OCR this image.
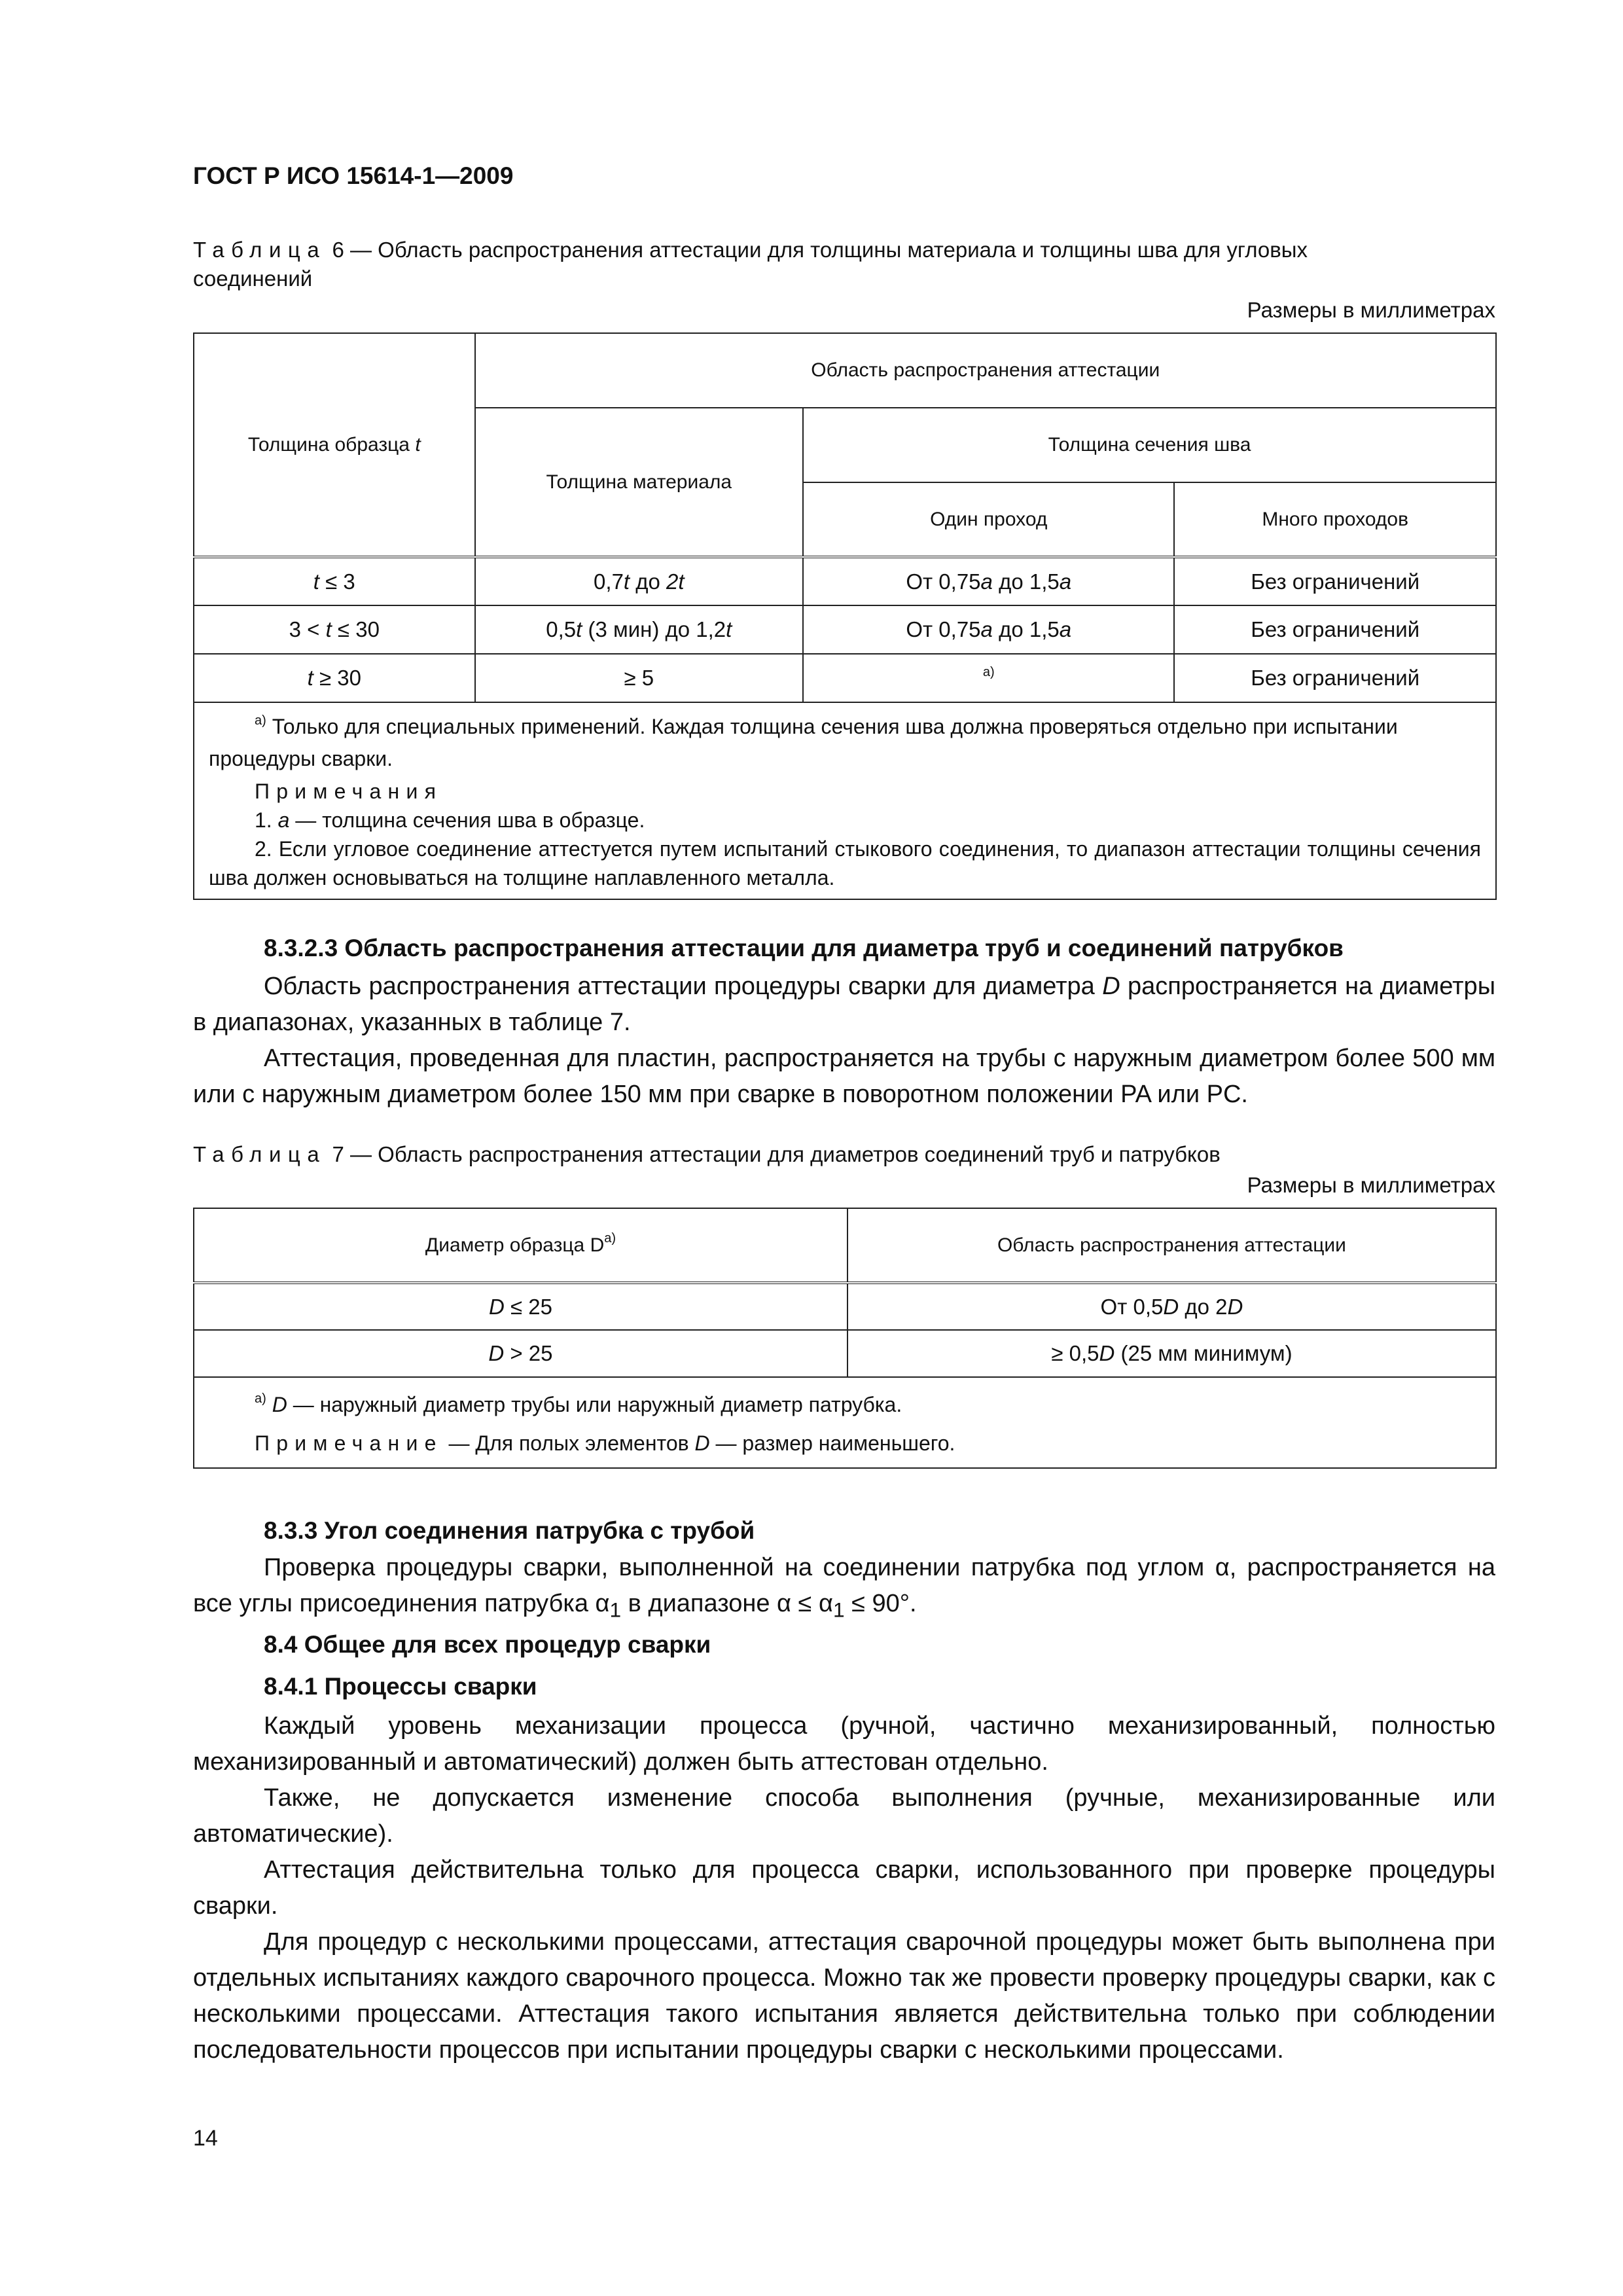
ГОСТ Р ИСО 15614-1—2009
Таблица 6 — Область распространения аттестации для толщины материала и толщины шва для угловых
соединений
Размеры в миллиметрах
Толщина образца t	Область распространения аттестации		
	Толщина материала	Толщина сечения шва	
		Один проход	Много проходов
t ≤ 3	0,7t до 2t	От 0,75a до 1,5a	Без ограничений
3 < t ≤ 30	0,5t (3 мин) до 1,2t	От 0,75a до 1,5a	Без ограничений
t ≥ 30	≥ 5	$^{a)}$	Без ограничений

$^{a)}$ Только для специальных применений. Каждая толщина сечения шва должна проверяться отдельно при испытании процедуры сварки.
Примечания
1. a — толщина сечения шва в образце.
2. Если угловое соединение аттестуется путем испытаний стыкового соединения, то диапазон аттестации толщины сечения шва должен основываться на толщине наплавленного металла.			
8.3.2.3 Область распространения аттестации для диаметра труб и соединений патрубков

Область распространения аттестации процедуры сварки для диаметра D распространяется на диаметры в диапазонах, указанных в таблице 7.

Аттестация, проведенная для пластин, распространяется на трубы с наружным диаметром более 500 мм или с наружным диаметром более 150 мм при сварке в поворотном положении PA или PC.

Таблица 7 — Область распространения аттестации для диаметров соединений труб и патрубков
Размеры в миллиметрах
Диаметр образца $D^{a)}$	Область распространения аттестации
D ≤ 25	От 0,5D до 2D
D > 25	≥ 0,5D (25 мм минимум)

$^{a)}$ D — наружный диаметр трубы или наружный диаметр патрубка.
Примечание — Для полых элементов D — размер наименьшего.	
8.3.3 Угол соединения патрубка с трубой

Проверка процедуры сварки, выполненной на соединении патрубка под углом α, распространяется на все углы присоединения патрубка $\alpha_1$ в диапазоне $\alpha \le \alpha_1 \le 90^\circ$.

8.4 Общее для всех процедур сварки
8.4.1 Процессы сварки

Каждый уровень механизации процесса (ручной, частично механизированный, полностью механизированный и автоматический) должен быть аттестован отдельно.

Также, не допускается изменение способа выполнения (ручные, механизированные или автоматические).

Аттестация действительна только для процесса сварки, использованного при проверке процедуры сварки.

Для процедур с несколькими процессами, аттестация сварочной процедуры может быть выполнена при отдельных испытаниях каждого сварочного процесса. Можно так же провести проверку процедуры сварки, как с несколькими процессами. Аттестация такого испытания является действительна только при соблюдении последовательности процессов при испытании процедуры сварки с несколькими процессами.

14
